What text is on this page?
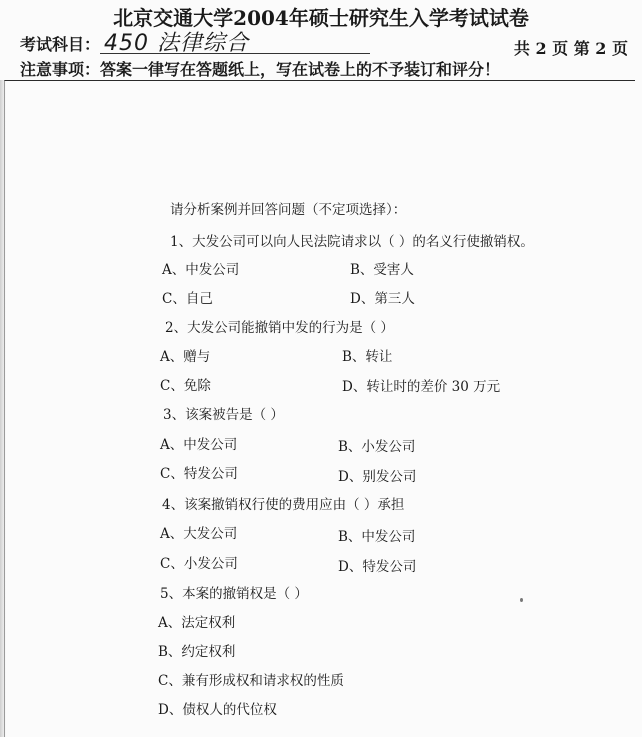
北京交通大学2004年硕士研究生入学考试试卷
考试科目： 450 法律综合	共 2 页 第 2 页
注意事项：答案一律写在答题纸上，写在试卷上的不予装订和评分！
请分析案例并回答问题（不定项选择）：
1、大发公司可以向人民法院请求以（ ）的名义行使撤销权。
A、中发公司	B、受害人
C、自己	D、第三人
2、大发公司能撤销中发的行为是（ ）
A、赠与	B、转让
C、免除	D、转让时的差价 30 万元
3、该案被告是（ ）
A、中发公司	B、小发公司
C、特发公司	D、别发公司
4、该案撤销权行使的费用应由（ ）承担
A、大发公司	B、中发公司
C、小发公司	D、特发公司
5、本案的撤销权是（ ）
A、法定权利
B、约定权利
C、兼有形成权和请求权的性质
D、债权人的代位权
